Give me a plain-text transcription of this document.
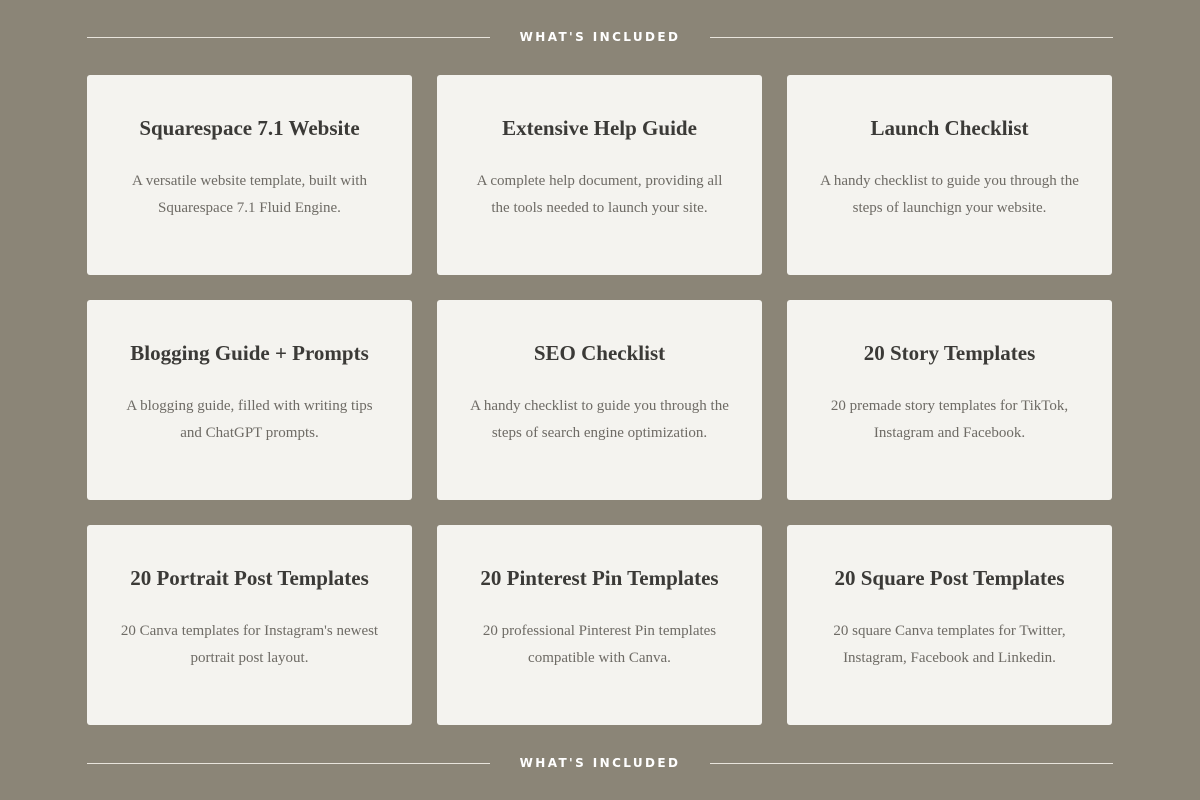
WHAT'S INCLUDED
Squarespace 7.1 Website

A versatile website template, built with Squarespace 7.1 Fluid Engine.

Extensive Help Guide

A complete help document, providing all the tools needed to launch your site.

Launch Checklist

A handy checklist to guide you through the steps of launchign your website.

Blogging Guide + Prompts

A blogging guide, filled with writing tips and ChatGPT prompts.

SEO Checklist

A handy checklist to guide you through the steps of search engine optimization.

20 Story Templates

20 premade story templates for TikTok, Instagram and Facebook.

20 Portrait Post Templates

20 Canva templates for Instagram's newest portrait post layout.

20 Pinterest Pin Templates

20 professional Pinterest Pin templates compatible with Canva.

20 Square Post Templates

20 square Canva templates for Twitter, Instagram, Facebook and Linkedin.

WHAT'S INCLUDED
